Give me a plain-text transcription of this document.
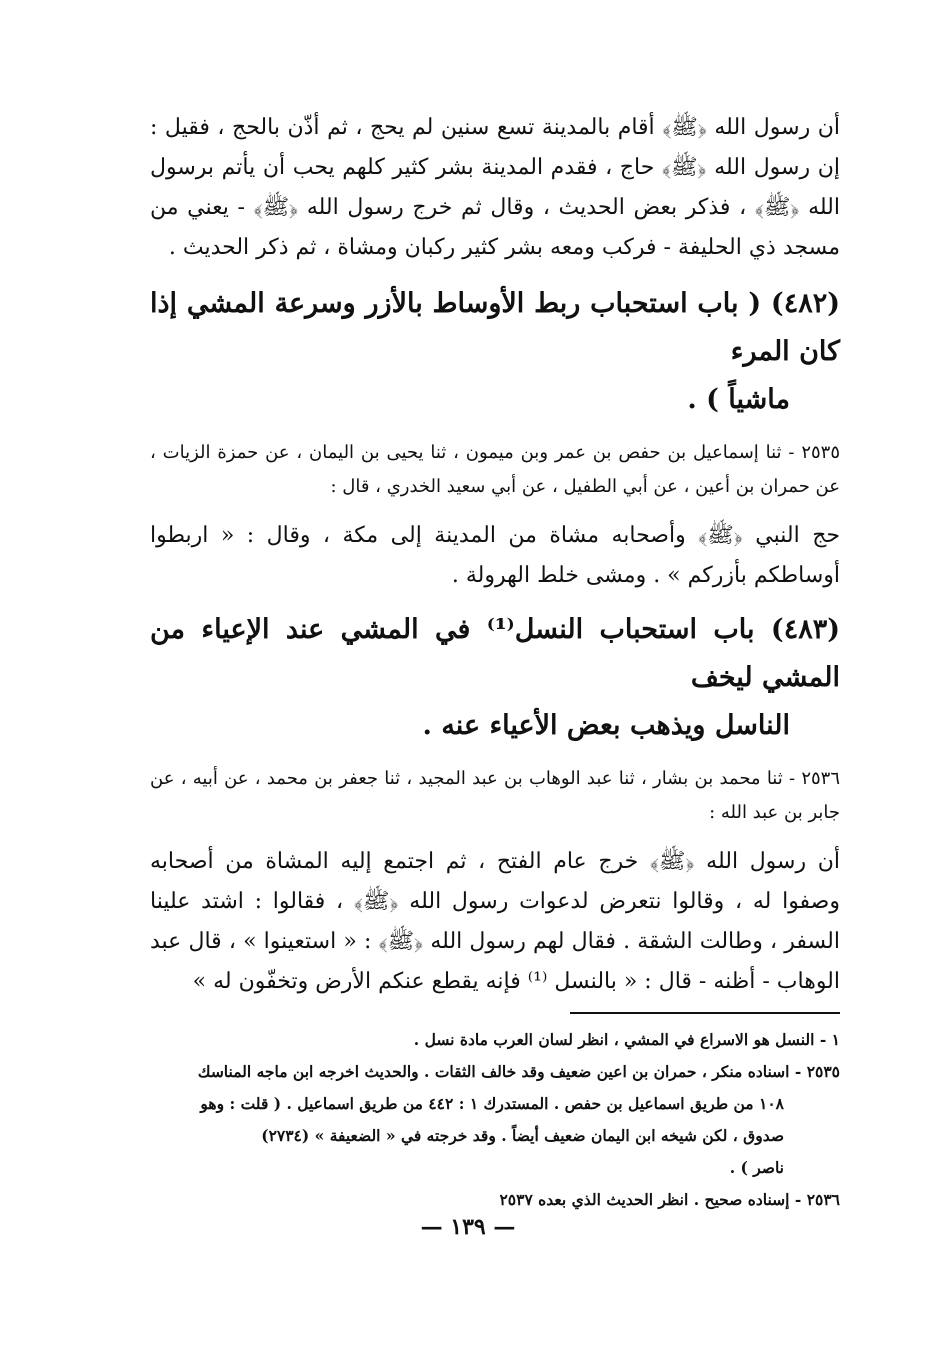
أن رسول الله ﴿ﷺ﴾ أقام بالمدينة تسع سنين لم يحج ، ثم أذّن بالحج ، فقيل : إن رسول الله ﴿ﷺ﴾ حاج ، فقدم المدينة بشر كثير كلهم يحب أن يأتم برسول الله ﴿ﷺ﴾ ، فذكر بعض الحديث ، وقال ثم خرج رسول الله ﴿ﷺ﴾ - يعني من مسجد ذي الحليفة - فركب ومعه بشر كثير ركبان ومشاة ، ثم ذكر الحديث .

(٤٨٢) ( باب استحباب ربط الأوساط بالأزر وسرعة المشي إذا كان المرء
ماشياً ) .

٢٥٣٥ - ثنا إسماعيل بن حفص بن عمر وبن ميمون ، ثنا يحيى بن اليمان ، عن حمزة الزيات ، عن حمران بن أعين ، عن أبي الطفيل ، عن أبي سعيد الخدري ، قال :

حج النبي ﴿ﷺ﴾ وأصحابه مشاة من المدينة إلى مكة ، وقال : « اربطوا أوساطكم بأزركم » . ومشى خلط الهرولة .

(٤٨٣) باب استحباب النسل⁽¹⁾ في المشي عند الإعياء من المشي ليخف
الناسل ويذهب بعض الأعياء عنه .

٢٥٣٦ - ثنا محمد بن بشار ، ثنا عبد الوهاب بن عبد المجيد ، ثنا جعفر بن محمد ، عن أبيه ، عن جابر بن عبد الله :

أن رسول الله ﴿ﷺ﴾ خرج عام الفتح ، ثم اجتمع إليه المشاة من أصحابه وصفوا له ، وقالوا نتعرض لدعوات رسول الله ﴿ﷺ﴾ ، فقالوا : اشتد علينا السفر ، وطالت الشقة . فقال لهم رسول الله ﴿ﷺ﴾ : « استعينوا » ، قال عبد الوهاب - أظنه - قال : « بالنسل ⁽¹⁾ فإنه يقطع عنكم الأرض وتخفّون له »

١ - النسل هو الاسراع في المشي ، انظر لسان العرب مادة نسل .

٢٥٣٥ - اسناده منكر ، حمران بن اعين ضعيف وقد خالف الثقات . والحديث اخرجه ابن ماجه المناسك

١٠٨ من طريق اسماعيل بن حفص . المستدرك ١ : ٤٤٢ من طريق اسماعيل . ( قلت : وهو

صدوق ، لكن شيخه ابن اليمان ضعيف أيضاً . وقد خرجته في « الضعيفة » (٢٧٣٤)

ناصر ) .

٢٥٣٦ - إسناده صحيح . انظر الحديث الذي بعده ٢٥٣٧

— ١٣٩ —
